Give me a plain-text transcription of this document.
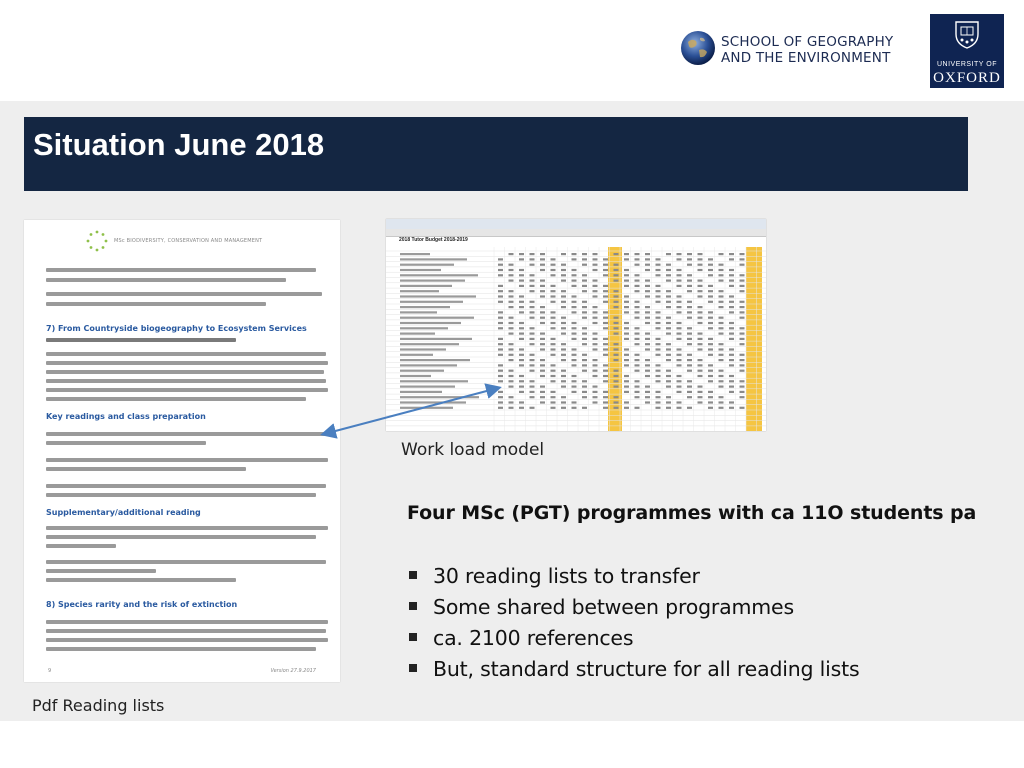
SCHOOL OF GEOGRAPHY
AND THE ENVIRONMENT	UNIVERSITY OF
OXFORD
Situation June 2018
MSc BIODIVERSITY, CONSERVATION AND MANAGEMENT
7) From Countryside biogeography to Ecosystem Services
Key readings and class preparation
Supplementary/additional reading
8) Species rarity and the risk of extinction
9	Version 27.9.2017
2018 Tutor Budget 2018-2019
Work load model
Four MSc (PGT) programmes with ca 11O students pa
30 reading lists to transfer
Some shared between programmes
ca. 2100 references
But, standard structure for all reading lists
Pdf Reading lists
